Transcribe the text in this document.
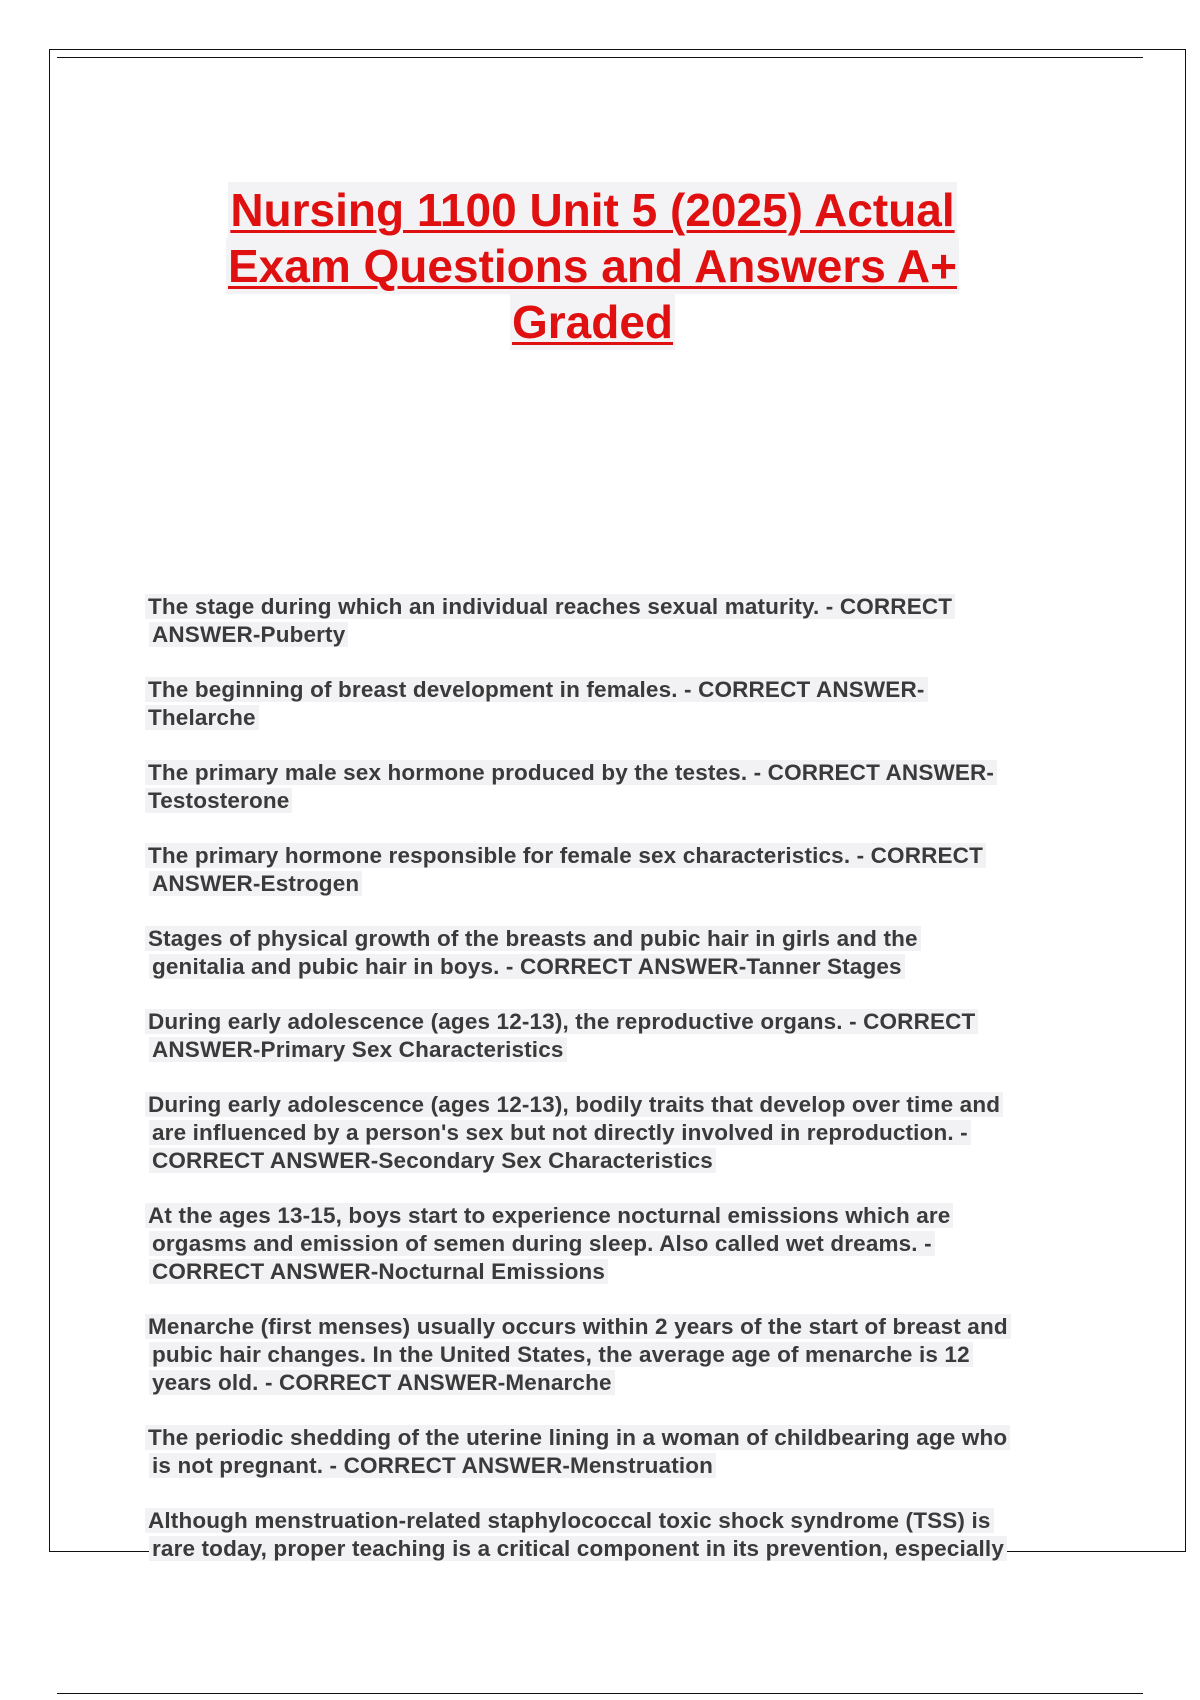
Nursing 1100 Unit 5 (2025) Actual
Exam Questions and Answers A+
Graded

The stage during which an individual reaches sexual maturity. - CORRECT
ANSWER-Puberty

The beginning of breast development in females. - CORRECT ANSWER-
Thelarche

The primary male sex hormone produced by the testes. - CORRECT ANSWER-
Testosterone

The primary hormone responsible for female sex characteristics. - CORRECT
ANSWER-Estrogen

Stages of physical growth of the breasts and pubic hair in girls and the
genitalia and pubic hair in boys. - CORRECT ANSWER-Tanner Stages

During early adolescence (ages 12-13), the reproductive organs. - CORRECT
ANSWER-Primary Sex Characteristics

During early adolescence (ages 12-13), bodily traits that develop over time and
are influenced by a person's sex but not directly involved in reproduction. -
CORRECT ANSWER-Secondary Sex Characteristics

At the ages 13-15, boys start to experience nocturnal emissions which are
orgasms and emission of semen during sleep. Also called wet dreams. -
CORRECT ANSWER-Nocturnal Emissions

Menarche (first menses) usually occurs within 2 years of the start of breast and
pubic hair changes. In the United States, the average age of menarche is 12
years old. - CORRECT ANSWER-Menarche

The periodic shedding of the uterine lining in a woman of childbearing age who
is not pregnant. - CORRECT ANSWER-Menstruation

Although menstruation-related staphylococcal toxic shock syndrome (TSS) is
rare today, proper teaching is a critical component in its prevention, especially
